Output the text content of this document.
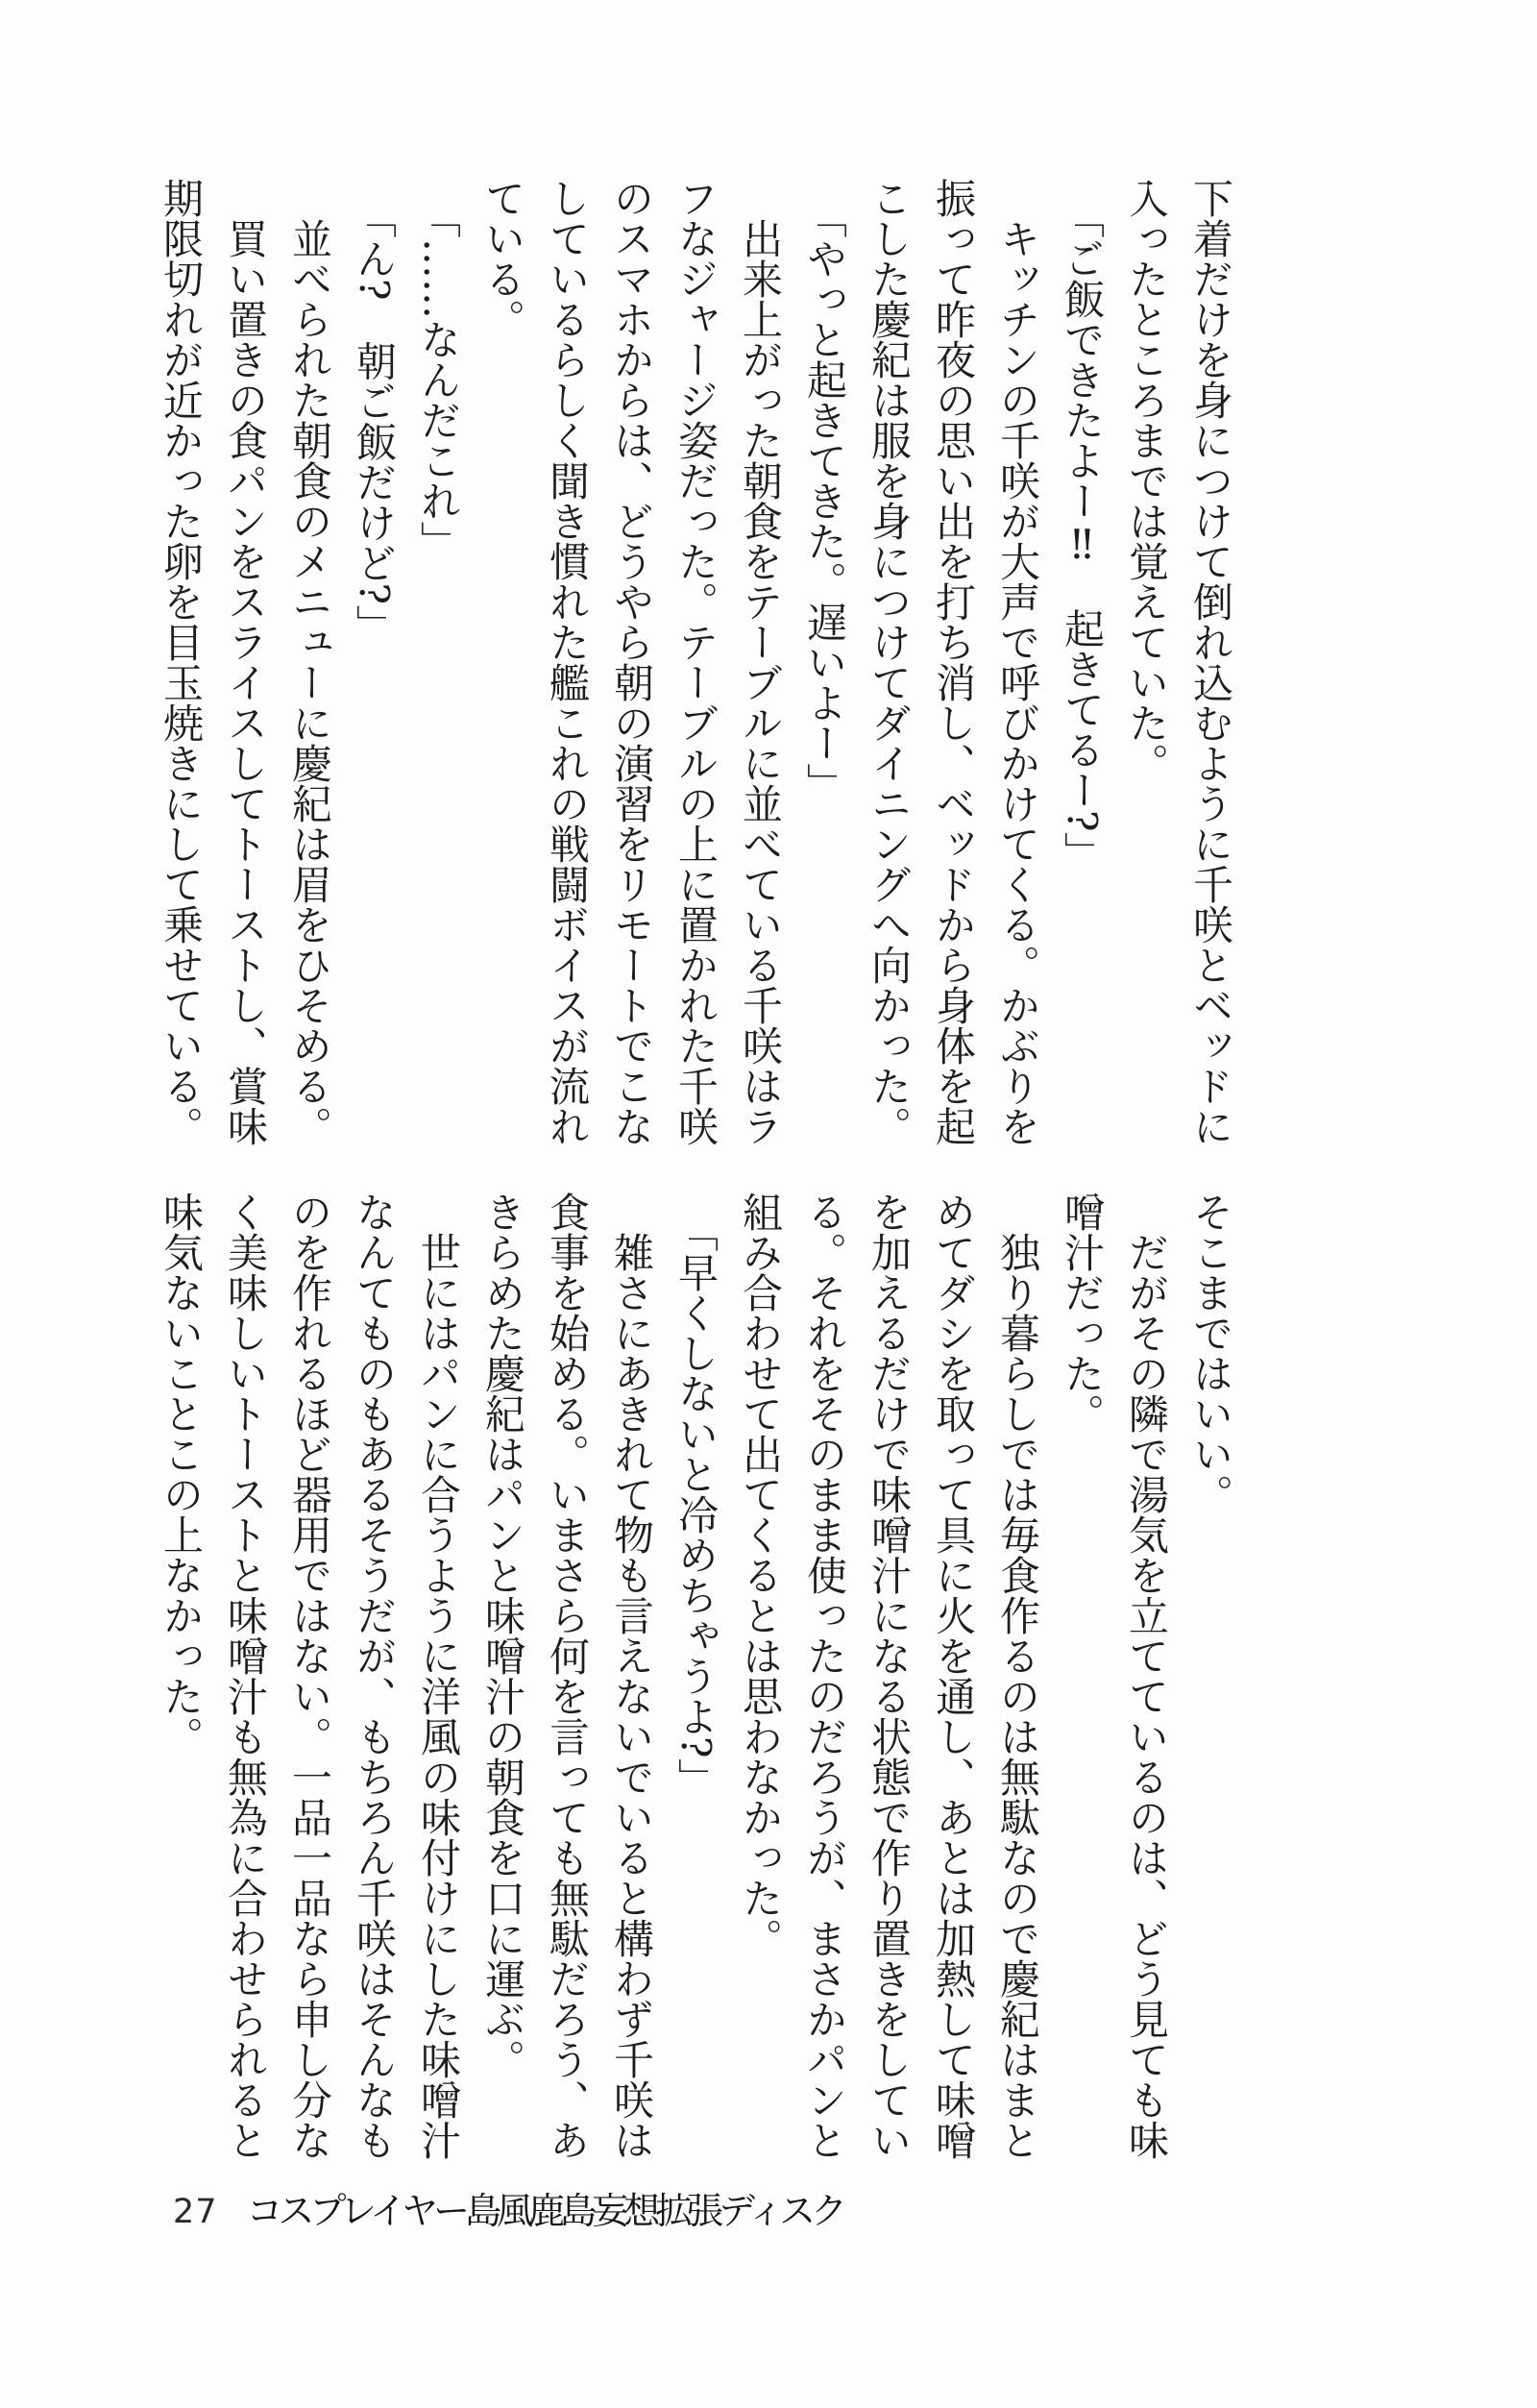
下着だけを身につけて倒れ込むように千咲とベッドに

入ったところまでは覚えていた。

「ご飯できたよー‼　起きてるー?」

キッチンの千咲が大声で呼びかけてくる。かぶりを

振って昨夜の思い出を打ち消し、ベッドから身体を起

こした慶紀は服を身につけてダイニングへ向かった。

「やっと起きてきた。遅いよー」

出来上がった朝食をテーブルに並べている千咲はラ

フなジャージ姿だった。テーブルの上に置かれた千咲

のスマホからは、どうやら朝の演習をリモートでこな

しているらしく聞き慣れた艦これの戦闘ボイスが流れ

ている。

「……なんだこれ」

「ん?　朝ご飯だけど?」

並べられた朝食のメニューに慶紀は眉をひそめる。

買い置きの食パンをスライスしてトーストし、賞味

期限切れが近かった卵を目玉焼きにして乗せている。

そこまではいい。

だがその隣で湯気を立てているのは、どう見ても味

噌汁だった。

独り暮らしでは毎食作るのは無駄なので慶紀はまと

めてダシを取って具に火を通し、あとは加熱して味噌

を加えるだけで味噌汁になる状態で作り置きをしてい

る。それをそのまま使ったのだろうが、まさかパンと

組み合わせて出てくるとは思わなかった。

「早くしないと冷めちゃうよ?」

雑さにあきれて物も言えないでいると構わず千咲は

食事を始める。いまさら何を言っても無駄だろう、あ

きらめた慶紀はパンと味噌汁の朝食を口に運ぶ。

世にはパンに合うように洋風の味付けにした味噌汁

なんてものもあるそうだが、もちろん千咲はそんなも

のを作れるほど器用ではない。一品一品なら申し分な

く美味しいトーストと味噌汁も無為に合わせられると

味気ないことこの上なかった。

27 コスプレイヤー島風鹿島妄想拡張ディスク
